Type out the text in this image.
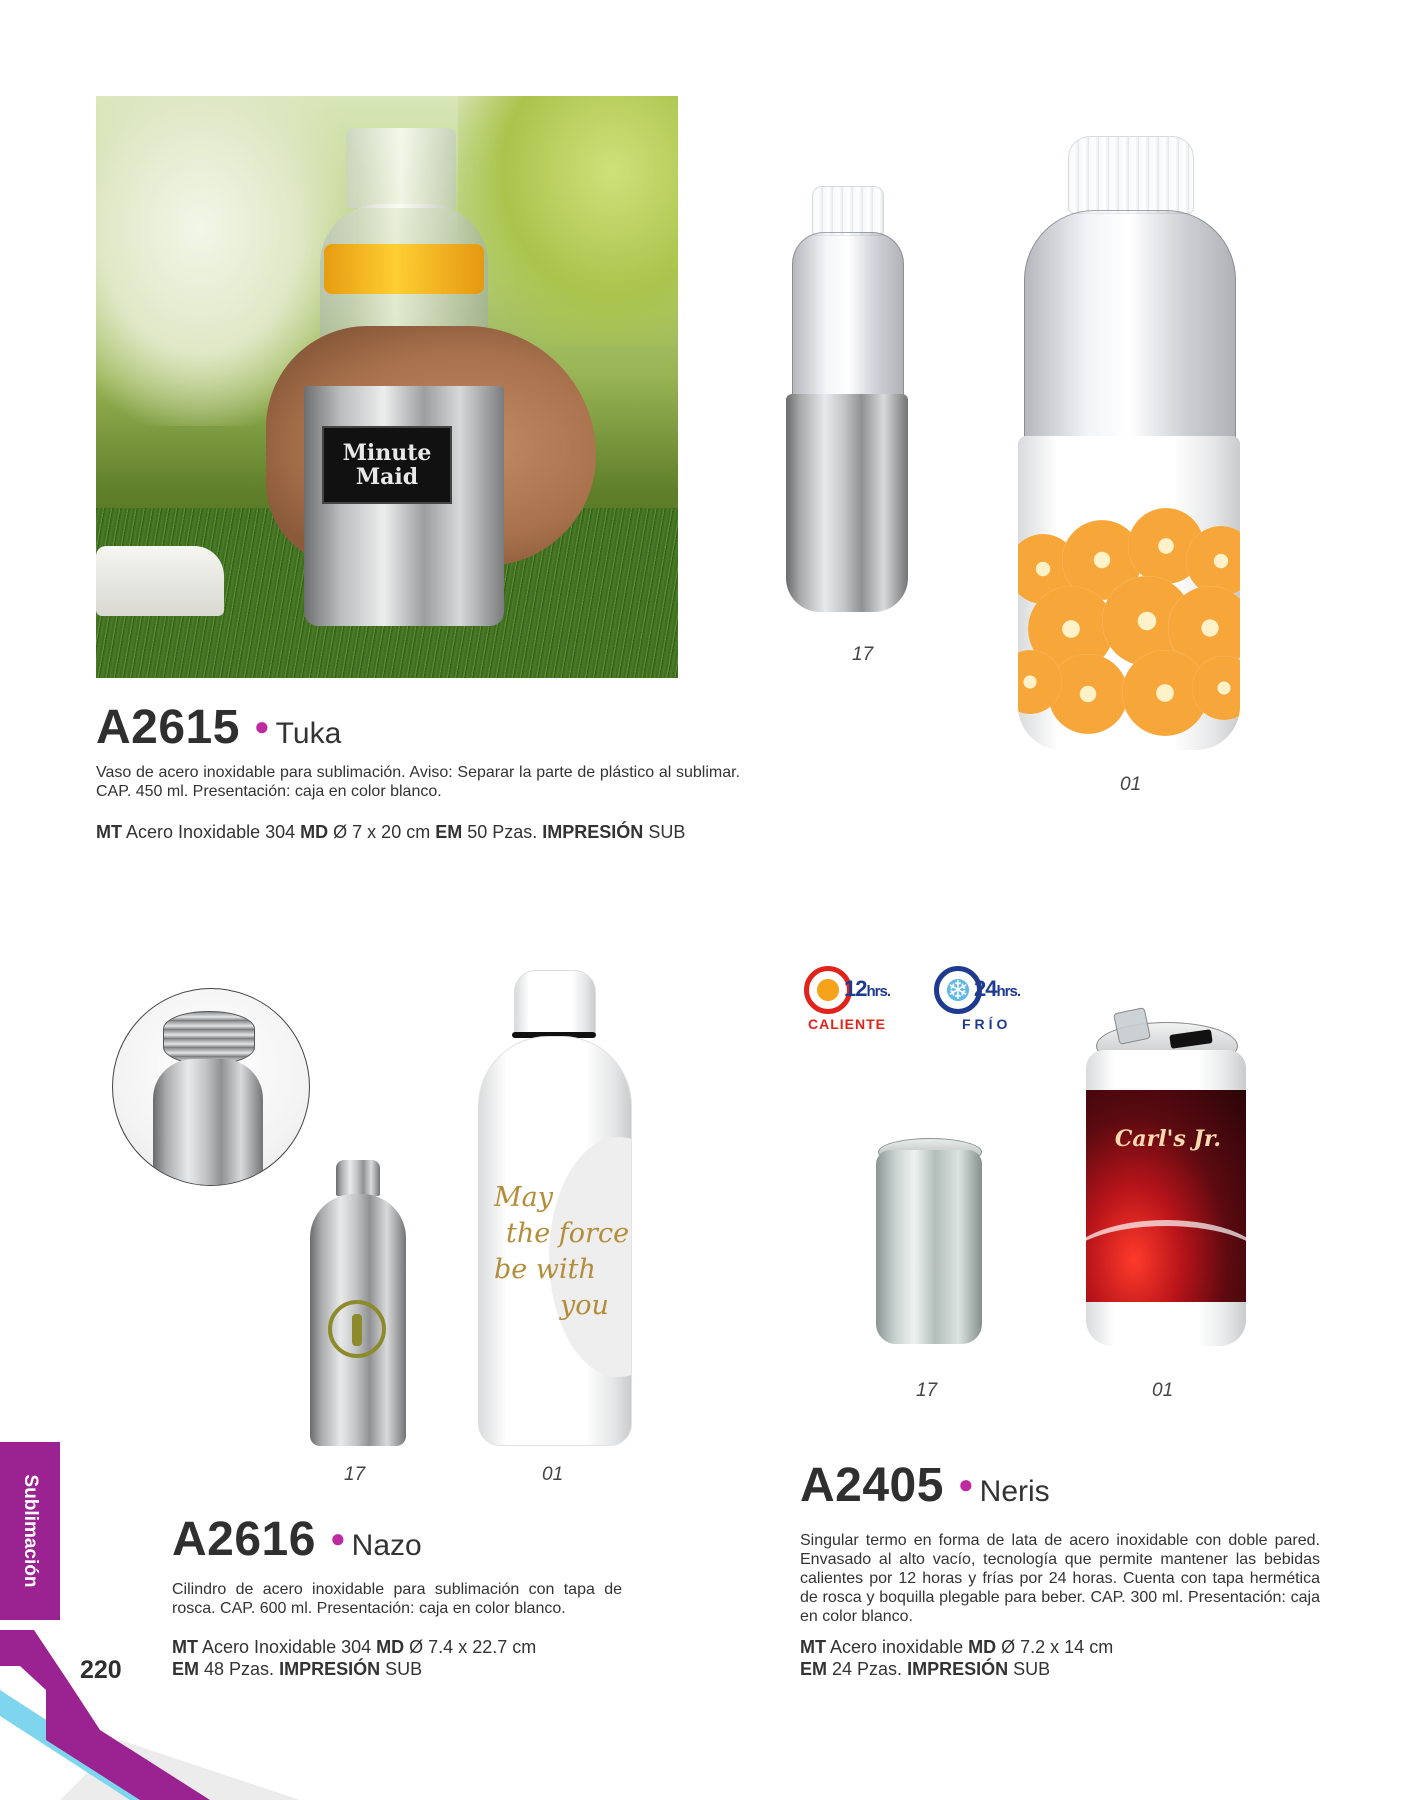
Minute
Maid
17
01
A2615 ● Tuka
Vaso de acero inoxidable para sublimación. Aviso: Separar la parte de plástico al sublimar. CAP. 450 ml. Presentación: caja en color blanco.
MT Acero Inoxidable 304 MD Ø 7 x 20 cm EM 50 Pzas. IMPRESIÓN SUB
17
May
the force
be with
you
01
A2616 ● Nazo
Cilindro de acero inoxidable para sublimación con tapa de rosca. CAP. 600 ml. Presentación: caja en color blanco.
MT Acero Inoxidable 304 MD Ø 7.4 x 22.7 cm
EM 48 Pzas. IMPRESIÓN SUB
12hrs.
CALIENTE
❄ 24hrs.
FRÍO
17
Carl's Jr.
01
A2405 ● Neris
Singular termo en forma de lata de acero inoxidable con doble pared. Envasado al alto vacío, tecnología que permite mantener las bebidas calientes por 12 horas y frías por 24 horas. Cuenta con tapa hermética de rosca y boquilla plegable para beber. CAP. 300 ml. Presentación: caja en color blanco.
MT Acero inoxidable MD Ø 7.2 x 14 cm
EM 24 Pzas. IMPRESIÓN SUB
Sublimación
220
